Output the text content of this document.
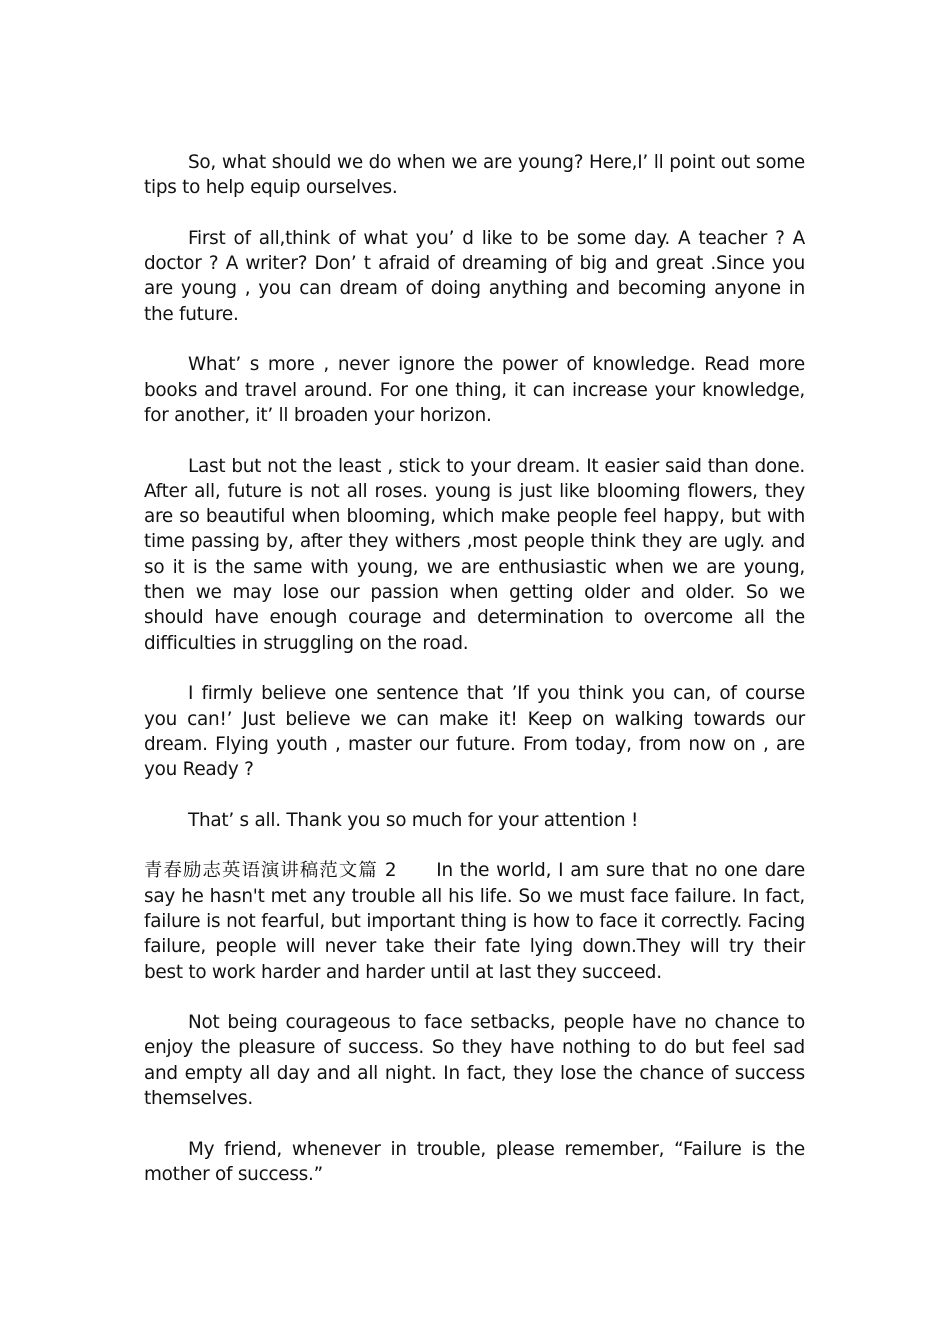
So, what should we do when we are young? Here,I’ ll point out some tips to help equip ourselves.

First of all,think of what you’ d like to be some day. A teacher ? A doctor ? A writer? Don’ t afraid of dreaming of big and great .Since you are young , you can dream of doing anything and becoming anyone in the future.

What’ s more , never ignore the power of knowledge. Read more books and travel around. For one thing, it can increase your knowledge, for another, it’ ll broaden your horizon.

Last but not the least , stick to your dream. It easier said than done. After all, future is not all roses. young is just like blooming flowers, they are so beautiful when blooming, which make people feel happy, but with time passing by, after they withers ,most people think they are ugly. and so it is the same with young, we are enthusiastic when we are young, then we may lose our passion when getting older and older. So we should have enough courage and determination to overcome all the difficulties in struggling on the road.

I firmly believe one sentence that ’If you think you can, of course you can!’ Just believe we can make it! Keep on walking towards our dream. Flying youth , master our future. From today, from now on , are you Ready ?

That’ s all. Thank you so much for your attention !

青春励志英语演讲稿范文篇 2 In the world, I am sure that no one dare say he hasn't met any trouble all his life. So we must face failure. In fact, failure is not fearful, but important thing is how to face it correctly. Facing failure, people will never take their fate lying down.They will try their best to work harder and harder until at last they succeed.

Not being courageous to face setbacks, people have no chance to enjoy the pleasure of success. So they have nothing to do but feel sad and empty all day and all night. In fact, they lose the chance of success themselves.

My friend, whenever in trouble, please remember, “Failure is the mother of success.”
